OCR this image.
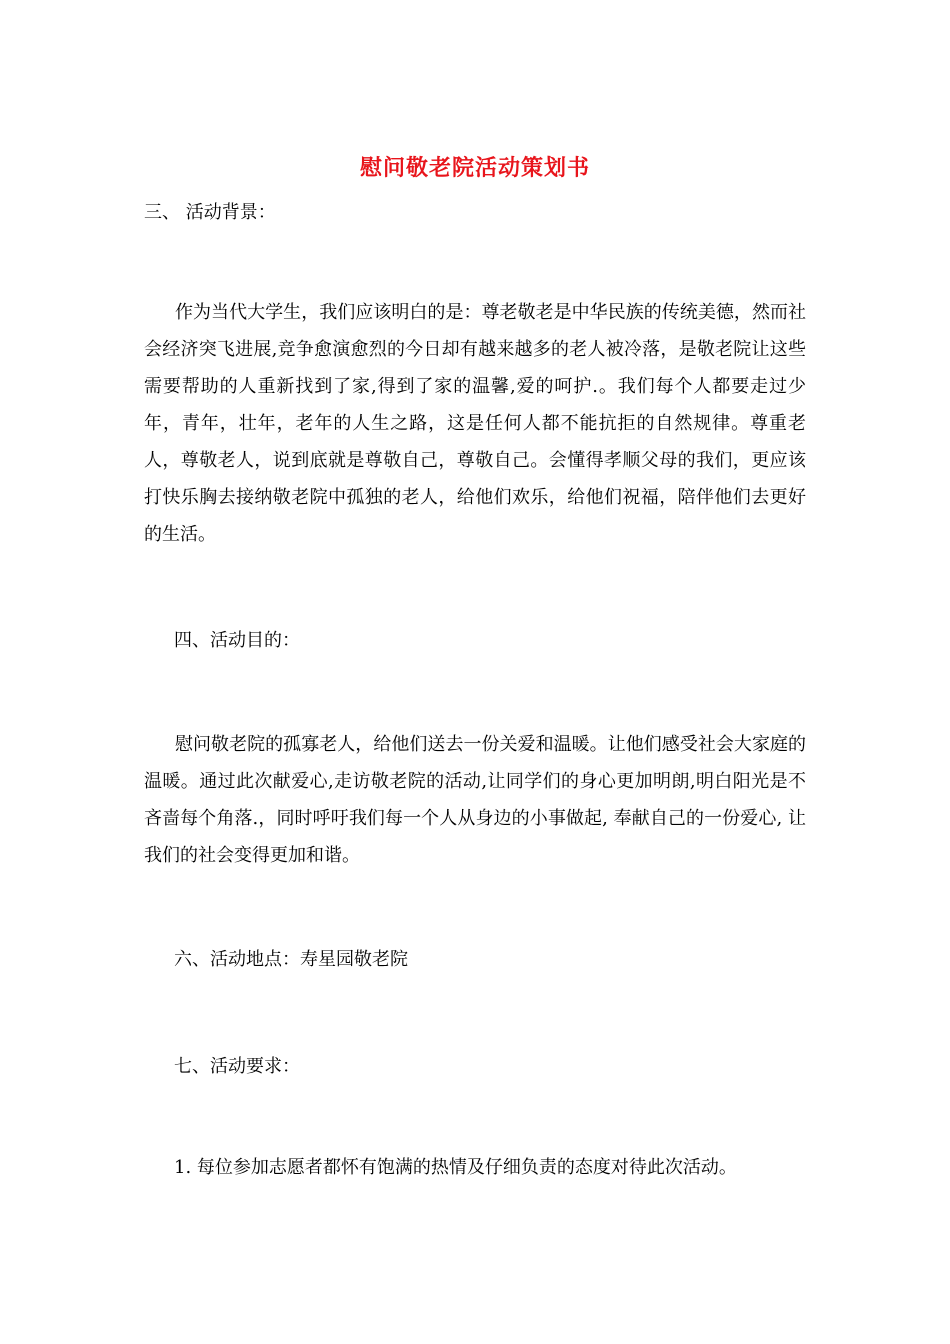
慰问敬老院活动策划书
三、 活动背景：
作为当代大学生，我们应该明白的是：尊老敬老是中华民族的传统美德，然而社会经济突飞进展,竞争愈演愈烈的今日却有越来越多的老人被冷落，是敬老院让这些需要帮助的人重新找到了家,得到了家的温馨,爱的呵护.。我们每个人都要走过少年，青年，壮年，老年的人生之路，这是任何人都不能抗拒的自然规律。尊重老人，尊敬老人，说到底就是尊敬自己，尊敬自己。会懂得孝顺父母的我们，更应该打快乐胸去接纳敬老院中孤独的老人，给他们欢乐，给他们祝福，陪伴他们去更好的生活。
四、活动目的：
慰问敬老院的孤寡老人，给他们送去一份关爱和温暖。让他们感受社会大家庭的温暖。通过此次献爱心,走访敬老院的活动,让同学们的身心更加明朗,明白阳光是不吝啬每个角落.，同时呼吁我们每一个人从身边的小事做起, 奉献自己的一份爱心, 让我们的社会变得更加和谐。
六、活动地点：寿星园敬老院
七、活动要求：
1. 每位参加志愿者都怀有饱满的热情及仔细负责的态度对待此次活动。
